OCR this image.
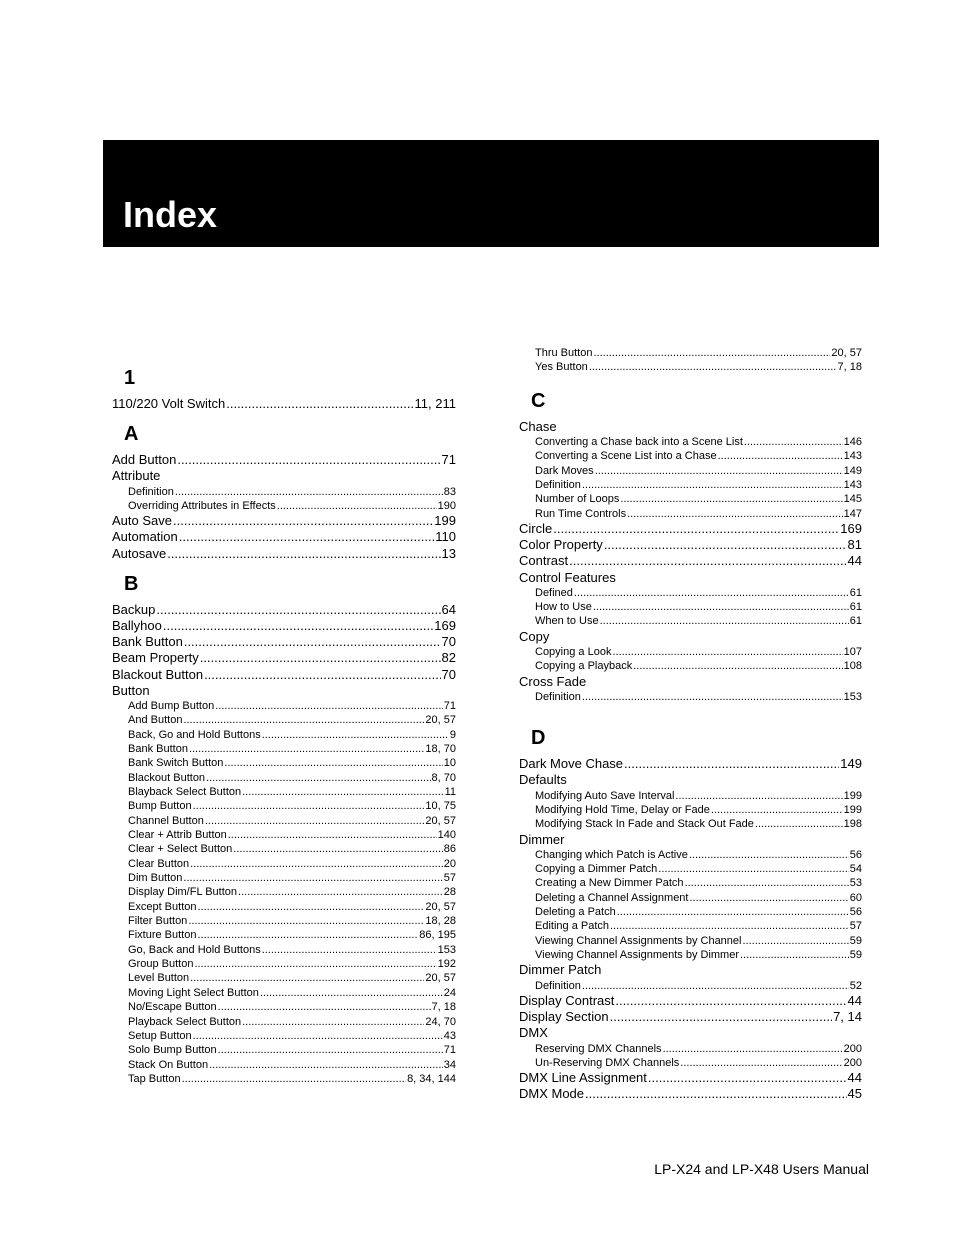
Index
1
110/220 Volt Switch .....	11, 211
A
Add Button .....	71
Attribute
Definition .....	83
Overriding Attributes in Effects .....	190
Auto Save .....	199
Automation .....	110
Autosave .....	13
B
Backup .....	64
Ballyhoo .....	169
Bank Button .....	70
Beam Property .....	82
Blackout Button .....	70
Button
Add Bump Button .....	71
And Button .....	20, 57
Back, Go and Hold Buttons .....	9
Bank Button .....	18, 70
Bank Switch Button .....	10
Blackout Button .....	8, 70
Blayback Select Button .....	11
Bump Button .....	10, 75
Channel Button .....	20, 57
Clear + Attrib Button .....	140
Clear + Select Button .....	86
Clear Button .....	20
Dim Button .....	57
Display Dim/FL Button .....	28
Except Button .....	20, 57
Filter Button .....	18, 28
Fixture Button .....	86, 195
Go, Back and Hold Buttons .....	153
Group Button .....	192
Level Button .....	20, 57
Moving Light Select Button .....	24
No/Escape Button .....	7, 18
Playback Select Button .....	24, 70
Setup Button .....	43
Solo Bump Button .....	71
Stack On Button .....	34
Tap Button .....	8, 34, 144
Thru Button .....	20, 57
Yes Button .....	7, 18
C
Chase
Converting a Chase back into a Scene List .....	146
Converting a Scene List into a Chase .....	143
Dark Moves .....	149
Definition .....	143
Number of Loops .....	145
Run Time Controls .....	147
Circle .....	169
Color Property .....	81
Contrast .....	44
Control Features
Defined .....	61
How to Use .....	61
When to Use .....	61
Copy
Copying a Look .....	107
Copying a Playback .....	108
Cross Fade
Definition .....	153
D
Dark Move Chase .....	149
Defaults
Modifying Auto Save Interval .....	199
Modifying Hold Time, Delay or Fade .....	199
Modifying Stack In Fade and Stack Out Fade .....	198
Dimmer
Changing which Patch is Active .....	56
Copying a Dimmer Patch .....	54
Creating a New Dimmer Patch .....	53
Deleting a Channel Assignment .....	60
Deleting a Patch .....	56
Editing a Patch .....	57
Viewing Channel Assignments by Channel .....	59
Viewing Channel Assignments by Dimmer .....	59
Dimmer Patch
Definition .....	52
Display Contrast .....	44
Display Section .....	7, 14
DMX
Reserving DMX Channels .....	200
Un-Reserving DMX Channels .....	200
DMX Line Assignment .....	44
DMX Mode .....	45
LP-X24 and LP-X48 Users Manual
